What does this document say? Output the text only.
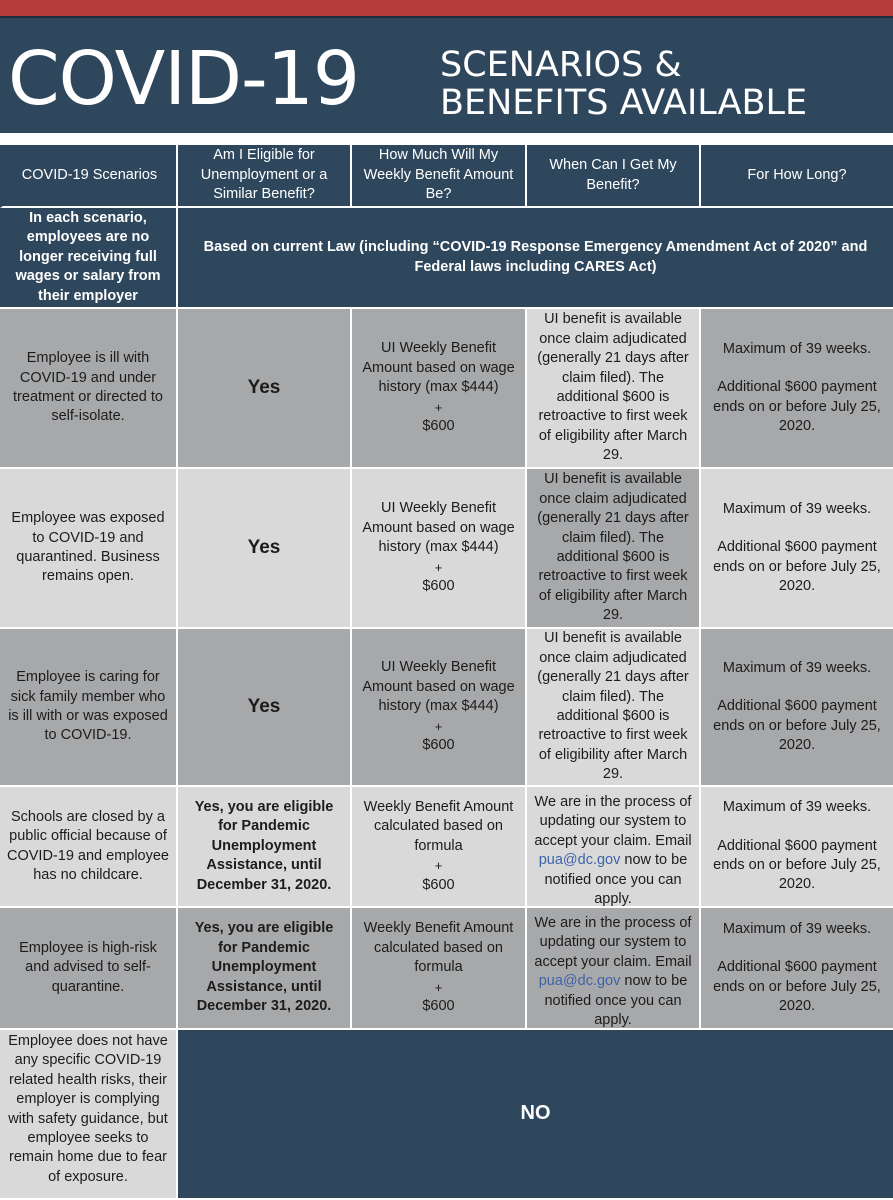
COVID-19 SCENARIOS &
BENEFITS AVAILABLE
COVID-19 Scenarios
Am I Eligible for Unemployment or a Similar Benefit?
How Much Will My Weekly Benefit Amount Be?
When Can I Get My Benefit?
For How Long?
In each scenario, employees are no longer receiving full wages or salary from their employer
Based on current Law (including “COVID-19 Response Emergency Amendment Act of 2020” and Federal laws including CARES Act)
Employee is ill with COVID-19 and under treatment or directed to self-isolate.
Yes
UI Weekly Benefit Amount based on wage history (max $444)
+
$600
UI benefit is available once claim adjudicated (generally 21 days after claim filed). The additional $600 is retroactive to first week of eligibility after March 29.
Maximum of 39 weeks.
Additional $600 payment ends on or before July 25, 2020.
Employee was exposed to COVID-19 and quarantined. Business remains open.
Yes
UI Weekly Benefit Amount based on wage history (max $444)
+
$600
UI benefit is available once claim adjudicated (generally 21 days after claim filed). The additional $600 is retroactive to first week of eligibility after March 29.
Maximum of 39 weeks.
Additional $600 payment ends on or before July 25, 2020.
Employee is caring for sick family member who is ill with or was exposed to COVID-19.
Yes
UI Weekly Benefit Amount based on wage history (max $444)
+
$600
UI benefit is available once claim adjudicated (generally 21 days after claim filed). The additional $600 is retroactive to first week of eligibility after March 29.
Maximum of 39 weeks.
Additional $600 payment ends on or before July 25, 2020.
Schools are closed by a public official because of COVID-19 and employee has no childcare.
Yes, you are eligible for Pandemic Unemployment Assistance, until December 31, 2020.
Weekly Benefit Amount calculated based on formula
+
$600
We are in the process of updating our system to accept your claim. Email pua@dc.gov now to be notified once you can apply.
Maximum of 39 weeks.
Additional $600 payment ends on or before July 25, 2020.
Employee is high-risk and advised to self-quarantine.
Yes, you are eligible for Pandemic Unemployment Assistance, until December 31, 2020.
Weekly Benefit Amount calculated based on formula
+
$600
We are in the process of updating our system to accept your claim. Email pua@dc.gov now to be notified once you can apply.
Maximum of 39 weeks.
Additional $600 payment ends on or before July 25, 2020.
Employee does not have any specific COVID-19 related health risks, their employer is complying with safety guidance, but employee seeks to remain home due to fear of exposure.
NO
